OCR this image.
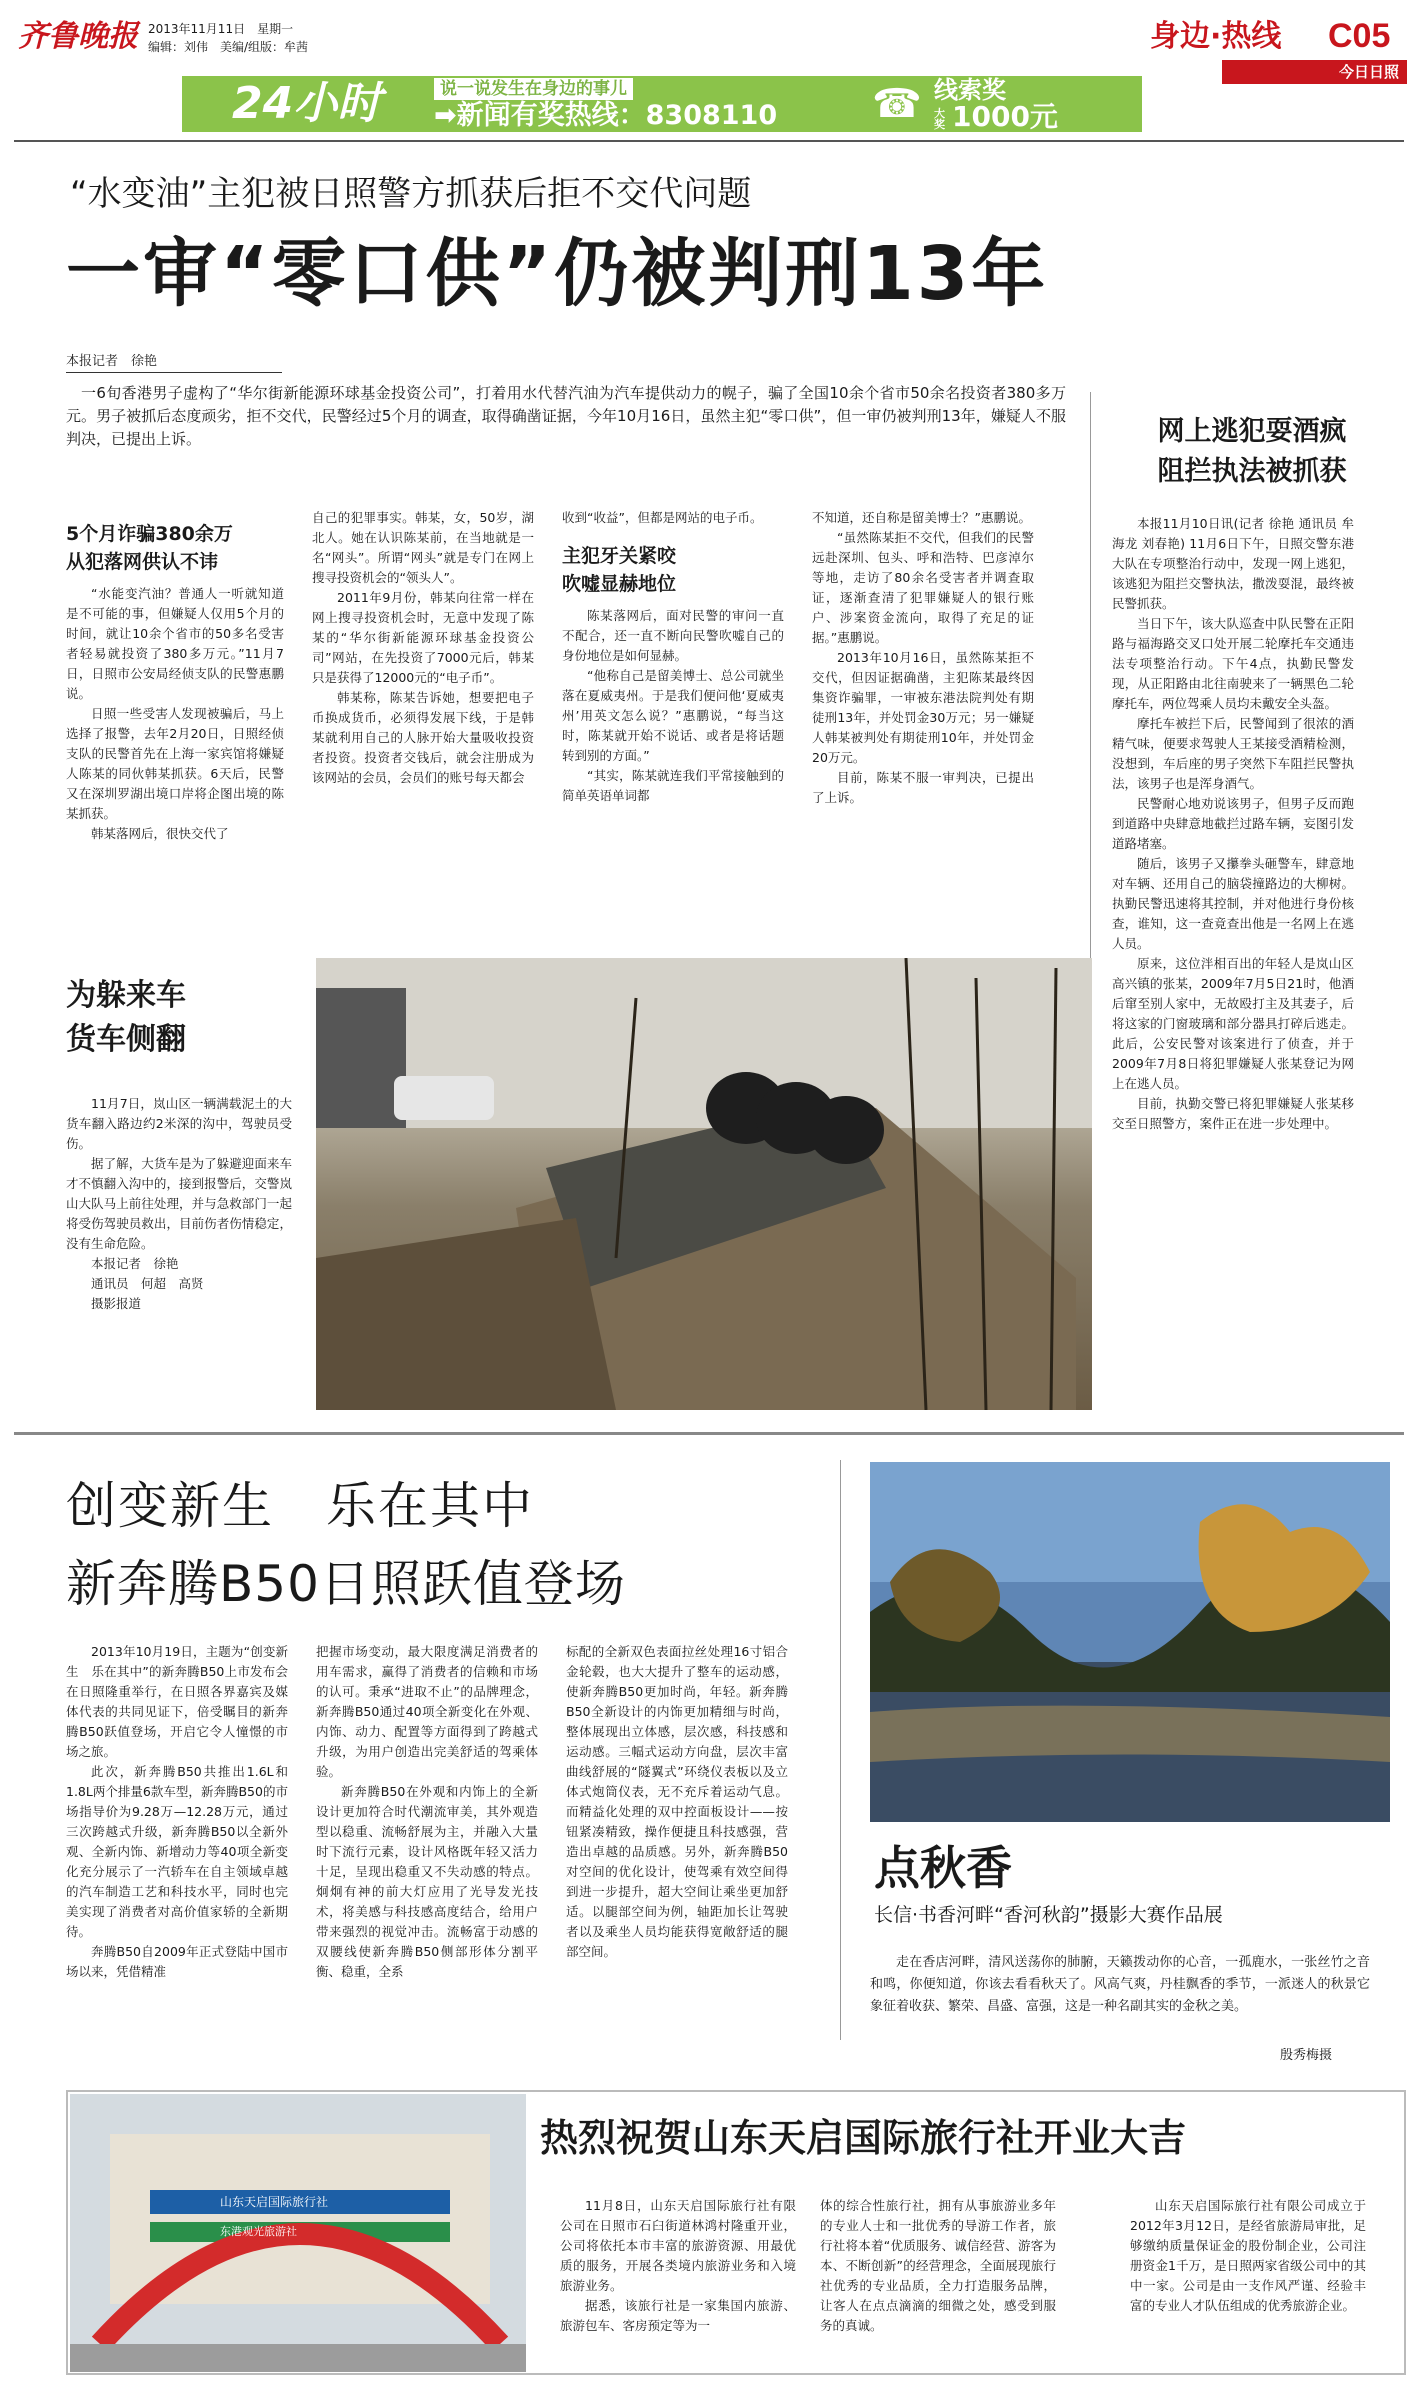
齐鲁晚报 2013年11月11日　星期一
编辑：刘伟　美编/组版：牟茜	身边·热线 C05
今日日照
24小时	说一说发生在身边的事儿
➡新闻有奖热线：8308110 ☎ 线索奖
大奖 1000元
“水变油”主犯被日照警方抓获后拒不交代问题
一审“零口供”仍被判刑13年
本报记者　徐艳
一6旬香港男子虚构了“华尔街新能源环球基金投资公司”，打着用水代替汽油为汽车提供动力的幌子，骗了全国10余个省市50余名投资者380多万元。男子被抓后态度顽劣，拒不交代，民警经过5个月的调查，取得确凿证据，今年10月16日，虽然主犯“零口供”，但一审仍被判刑13年，嫌疑人不服判决，已提出上诉。
5个月诈骗380余万
从犯落网供认不讳

“水能变汽油？普通人一听就知道是不可能的事，但嫌疑人仅用5个月的时间，就让10余个省市的50多名受害者轻易就投资了380多万元。”11月7日，日照市公安局经侦支队的民警惠鹏说。

日照一些受害人发现被骗后，马上选择了报警，去年2月20日，日照经侦支队的民警首先在上海一家宾馆将嫌疑人陈某的同伙韩某抓获。6天后，民警又在深圳罗湖出境口岸将企图出境的陈某抓获。

韩某落网后，很快交代了

自己的犯罪事实。韩某，女，50岁，湖北人。她在认识陈某前，在当地就是一名“网头”。所谓“网头”就是专门在网上搜寻投资机会的“领头人”。

2011年9月份，韩某向往常一样在网上搜寻投资机会时，无意中发现了陈某的“华尔街新能源环球基金投资公司”网站，在先投资了7000元后，韩某只是获得了12000元的“电子币”。

韩某称，陈某告诉她，想要把电子币换成货币，必须得发展下线，于是韩某就利用自己的人脉开始大量吸收投资者投资。投资者交钱后，就会注册成为该网站的会员，会员们的账号每天都会

收到“收益”，但都是网站的电子币。

主犯牙关紧咬
吹嘘显赫地位

陈某落网后，面对民警的审问一直不配合，还一直不断向民警吹嘘自己的身份地位是如何显赫。

“他称自己是留美博士、总公司就坐落在夏威夷州。于是我们便问他‘夏威夷州’用英文怎么说？”惠鹏说，“每当这时，陈某就开始不说话、或者是将话题转到别的方面。”

“其实，陈某就连我们平常接触到的简单英语单词都

不知道，还自称是留美博士？”惠鹏说。

“虽然陈某拒不交代，但我们的民警远赴深圳、包头、呼和浩特、巴彦淖尔等地，走访了80余名受害者并调查取证，逐渐查清了犯罪嫌疑人的银行账户、涉案资金流向，取得了充足的证据。”惠鹏说。

2013年10月16日，虽然陈某拒不交代，但因证据确凿，主犯陈某最终因集资诈骗罪，一审被东港法院判处有期徒刑13年，并处罚金30万元；另一嫌疑人韩某被判处有期徒刑10年，并处罚金20万元。

目前，陈某不服一审判决，已提出了上诉。

网上逃犯耍酒疯
阻拦执法被抓获

本报11月10日讯(记者 徐艳 通讯员 牟海龙 刘春艳) 11月6日下午，日照交警东港大队在专项整治行动中，发现一网上逃犯，该逃犯为阻拦交警执法，撒泼耍混，最终被民警抓获。

当日下午，该大队巡查中队民警在正阳路与福海路交叉口处开展二轮摩托车交通违法专项整治行动。下午4点，执勤民警发现，从正阳路由北往南驶来了一辆黑色二轮摩托车，两位驾乘人员均未戴安全头盔。

摩托车被拦下后，民警闻到了很浓的酒精气味，便要求驾驶人王某接受酒精检测，没想到，车后座的男子突然下车阻拦民警执法，该男子也是浑身酒气。

民警耐心地劝说该男子，但男子反而跑到道路中央肆意地截拦过路车辆，妄图引发道路堵塞。

随后，该男子又攥拳头砸警车，肆意地对车辆、还用自己的脑袋撞路边的大柳树。执勤民警迅速将其控制，并对他进行身份核查，谁知，这一查竟查出他是一名网上在逃人员。

原来，这位泮相百出的年轻人是岚山区高兴镇的张某，2009年7月5日21时，他酒后窜至别人家中，无故殴打主及其妻子，后将这家的门窗玻璃和部分器具打碎后逃走。此后，公安民警对该案进行了侦查，并于2009年7月8日将犯罪嫌疑人张某登记为网上在逃人员。

目前，执勤交警已将犯罪嫌疑人张某移交至日照警方，案件正在进一步处理中。

为躲来车
货车侧翻

11月7日，岚山区一辆满载泥土的大货车翻入路边约2米深的沟中，驾驶员受伤。

据了解，大货车是为了躲避迎面来车才不慎翻入沟中的，接到报警后，交警岚山大队马上前往处理，并与急救部门一起将受伤驾驶员救出，目前伤者伤情稳定，没有生命危险。

本报记者　徐艳
通讯员　何超　高贤
摄影报道
创变新生　乐在其中
新奔腾B50日照跃值登场

2013年10月19日，主题为“创变新生　乐在其中”的新奔腾B50上市发布会在日照隆重举行，在日照各界嘉宾及媒体代表的共同见证下，倍受瞩目的新奔腾B50跃值登场，开启它令人憧憬的市场之旅。

此次，新奔腾B50共推出1.6L和1.8L两个排量6款车型，新奔腾B50的市场指导价为9.28万—12.28万元，通过三次跨越式升级，新奔腾B50以全新外观、全新内饰、新增动力等40项全新变化充分展示了一汽轿车在自主领域卓越的汽车制造工艺和科技水平，同时也完美实现了消费者对高价值家轿的全新期待。

奔腾B50自2009年正式登陆中国市场以来，凭借精准

把握市场变动，最大限度满足消费者的用车需求，赢得了消费者的信赖和市场的认可。秉承“进取不止”的品牌理念，新奔腾B50通过40项全新变化在外观、内饰、动力、配置等方面得到了跨越式升级，为用户创造出完美舒适的驾乘体验。

新奔腾B50在外观和内饰上的全新设计更加符合时代潮流审美，其外观造型以稳重、流畅舒展为主，并融入大量时下流行元素，设计风格既年轻又活力十足，呈现出稳重又不失动感的特点。炯炯有神的前大灯应用了光导发光技术，将美感与科技感高度结合，给用户带来强烈的视觉冲击。流畅富于动感的双腰线使新奔腾B50侧部形体分割平衡、稳重，全系

标配的全新双色表面拉丝处理16寸铝合金轮毂，也大大提升了整车的运动感，使新奔腾B50更加时尚，年轻。新奔腾B50全新设计的内饰更加精细与时尚，整体展现出立体感，层次感，科技感和运动感。三幅式运动方向盘，层次丰富曲线舒展的“隧翼式”环绕仪表板以及立体式炮筒仪表，无不充斥着运动气息。而精益化处理的双中控面板设计——按钮紧凑精致，操作便捷且科技感强，营造出卓越的品质感。另外，新奔腾B50对空间的优化设计，使驾乘有效空间得到进一步提升，超大空间让乘坐更加舒适。以腿部空间为例，轴距加长让驾驶者以及乘坐人员均能获得宽敞舒适的腿部空间。

点秋香
长信·书香河畔“香河秋韵”摄影大赛作品展
走在香店河畔，清风送荡你的肺腑，天籁拨动你的心音，一孤鹿水，一张丝竹之音和鸣，你便知道，你该去看看秋天了。风高气爽，丹桂飘香的季节，一派迷人的秋景它象征着收获、繁荣、昌盛、富强，这是一种名副其实的金秋之美。
殷秀梅摄
山东天启国际旅行社
东港观光旅游社
热烈祝贺山东天启国际旅行社开业大吉

11月8日，山东天启国际旅行社有限公司在日照市石臼街道林鸿村隆重开业，公司将依托本市丰富的旅游资源、用最优质的服务，开展各类境内旅游业务和入境旅游业务。

据悉，该旅行社是一家集国内旅游、旅游包车、客房预定等为一

体的综合性旅行社，拥有从事旅游业多年的专业人士和一批优秀的导游工作者，旅行社将本着“优质服务、诚信经营、游客为本、不断创新”的经营理念，全面展现旅行社优秀的专业品质，全力打造服务品牌，让客人在点点滴滴的细微之处，感受到服务的真诚。

山东天启国际旅行社有限公司成立于2012年3月12日，是经省旅游局审批，足够缴纳质量保证金的股份制企业，公司注册资金1千万，是日照两家省级公司中的其中一家。公司是由一支作风严谨、经验丰富的专业人才队伍组成的优秀旅游企业。
